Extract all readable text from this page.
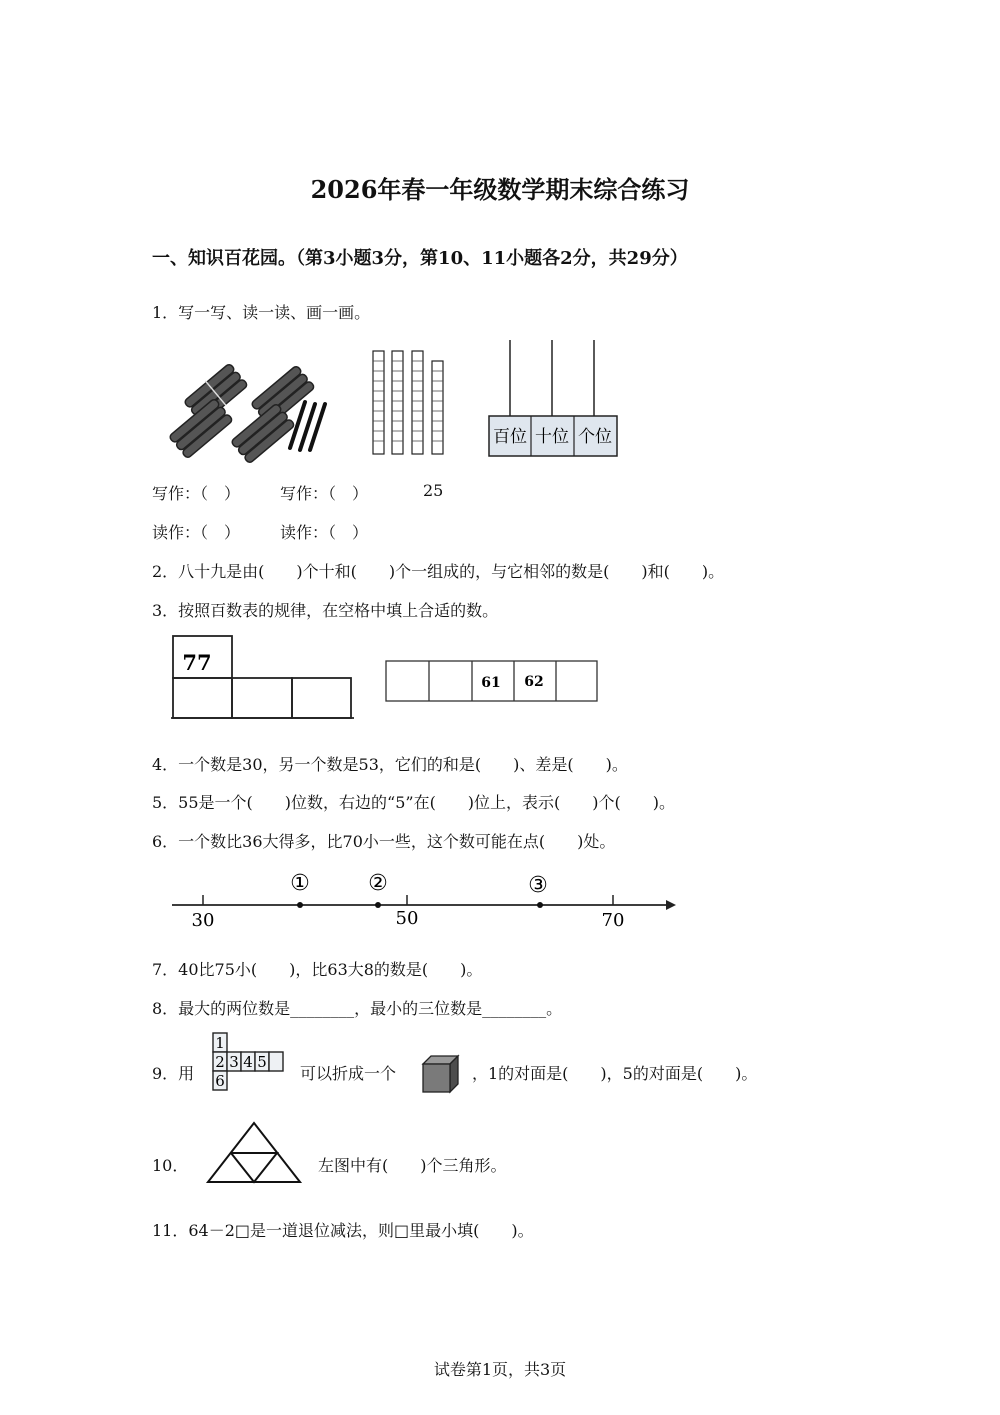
2026年春一年级数学期末综合练习
一、知识百花园。（第3小题3分，第10、11小题各2分，共29分）
1．写一写、读一读、画一画。
百位 十位 个位
写作：（　） 写作：（　）	25
读作：（　） 读作：（　）
2．八十九是由(　　)个十和(　　)个一组成的，与它相邻的数是(　　)和(　　)。
3．按照百数表的规律，在空格中填上合适的数。
77
61 62
4．一个数是30，另一个数是53，它们的和是(　　)、差是(　　)。
5．55是一个(　　)位数，右边的“5”在(　　)位上，表示(　　)个(　　)。
6．一个数比36大得多，比70小一些，这个数可能在点(　　)处。
30	50	70
①	②	③
7．40比75小(　　)，比63大8的数是(　　)。
8．最大的两位数是________，最小的三位数是________。
9．用
1
2 3 4 5
6	可以折成一个	，1的对面是(　　)，5的对面是(　　)。
10．	左图中有(　　)个三角形。
11．64－2□是一道退位减法，则□里最小填(　　)。
试卷第1页，共3页
